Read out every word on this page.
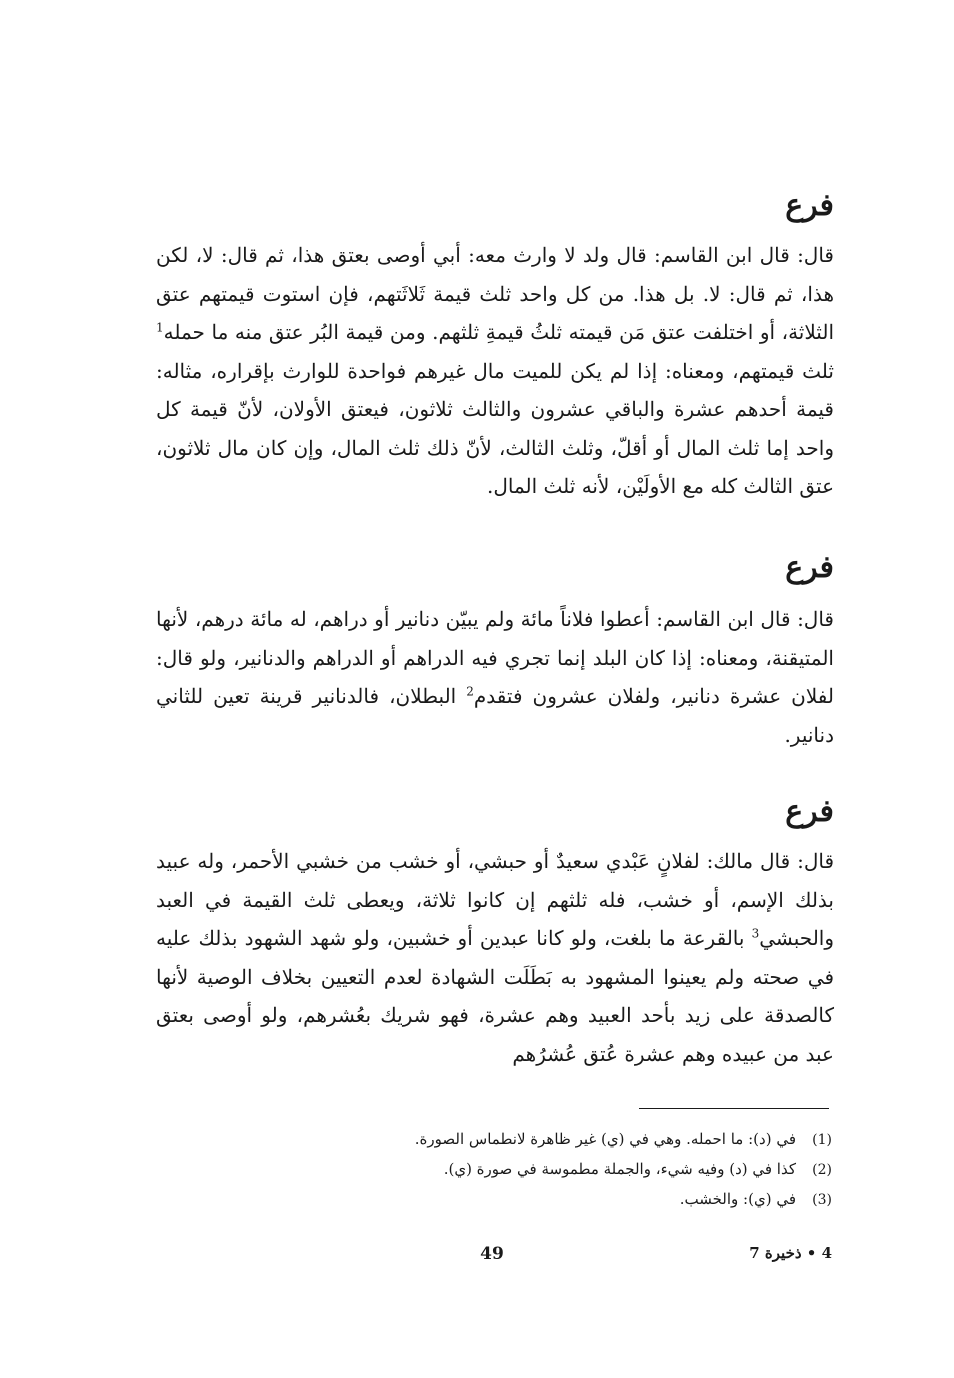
فرع

قال: قال ابن القاسم: قال ولد لا وارث معه: أبي أوصى بعتق هذا، ثم قال: لا، لكن هذا، ثم قال: لا. بل هذا. من كل واحد ثلث قيمة ثَلاثَتهم، فإن استوت قيمتهم عتق الثلاثة، أو اختلفت عتق مَن قيمته ثلثُ قيمةِ ثلثهم. ومن قيمة البُر عتق منه ما حمله$^1$ ثلث قيمتهم، ومعناه: إذا لم يكن للميت مال غيرهم فواحدة للوارث بإقراره، مثاله: قيمة أحدهم عشرة والباقي عشرون والثالث ثلاثون، فيعتق الأولان، لأنّ قيمة كل واحد إما ثلث المال أو أقلّ، وثلث الثالث، لأنّ ذلك ثلث المال، وإن كان مال ثلاثون، عتق الثالث كله مع الأولَيْن، لأنه ثلث المال.

فرع

قال: قال ابن القاسم: أعطوا فلاناً مائة ولم يبيّن دنانير أو دراهم، له مائة درهم، لأنها المتيقنة، ومعناه: إذا كان البلد إنما تجري فيه الدراهم أو الدراهم والدنانير، ولو قال: لفلان عشرة دنانير، ولفلان عشرون فتقدم$^2$ البطلان، فالدنانير قرينة تعين للثاني دنانير.

فرع

قال: قال مالك: لفلانٍ عَبْدي سعيدٌ أو حبشي، أو خشب من خشبي الأحمر، وله عبيد بذلك الإسم، أو خشب، فله ثلثهم إن كانوا ثلاثة، ويعطى ثلث القيمة في العبد والحبشي$^3$ بالقرعة ما بلغت، ولو كانا عبدين أو خشبين، ولو شهد الشهود بذلك عليه في صحته ولم يعينوا المشهود به بَطَلَت الشهادة لعدم التعيين بخلاف الوصية لأنها كالصدقة على زيد بأحد العبيد وهم عشرة، فهو شريك بعُشرهم، ولو أوصى بعتق عبد من عبيده وهم عشرة عُتق عُشرُهم

(1)
في (د): ما احمله. وهي في (ي) غير ظاهرة لانطماس الصورة.
(2)
كذا في (د) وفيه شيء، والجملة مطموسة في صورة (ي).
(3)
في (ي): والخشب.
4 • ذخيرة 7
49
